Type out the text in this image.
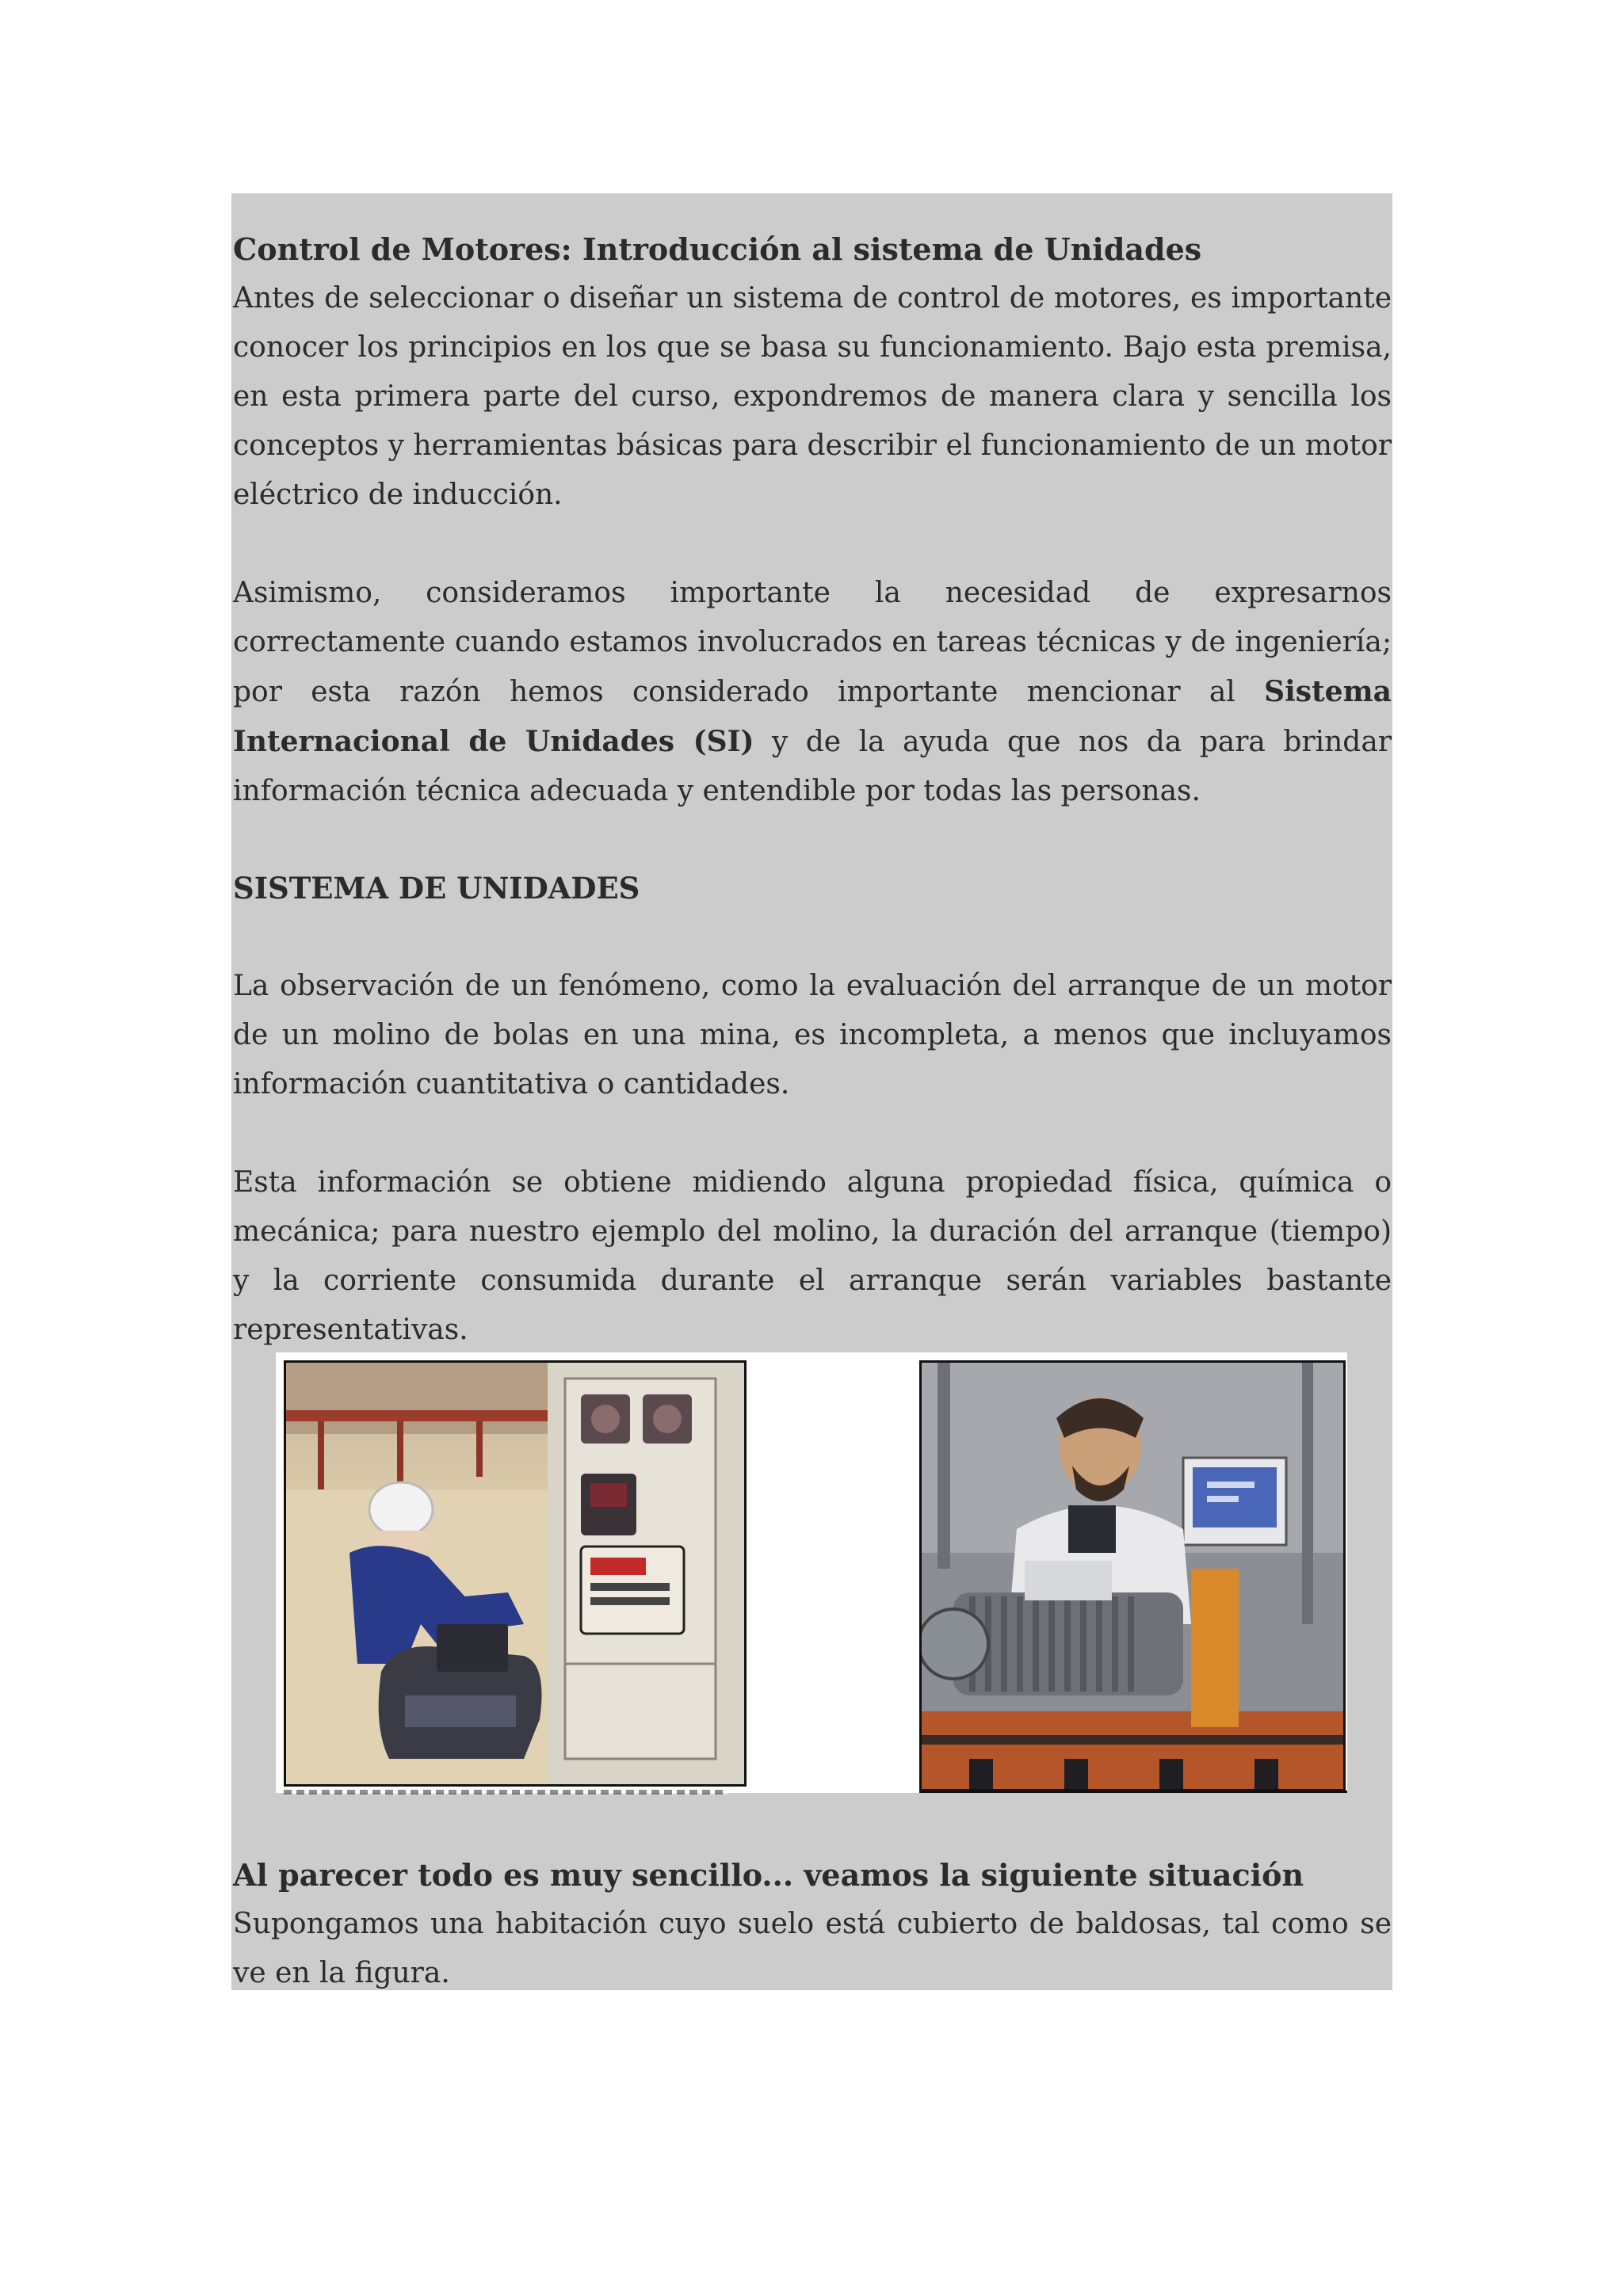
Control de Motores: Introducción al sistema de Unidades

Antes de seleccionar o diseñar un sistema de control de motores, es importante conocer los principios en los que se basa su funcionamiento. Bajo esta premisa, en esta primera parte del curso, expondremos de manera clara y sencilla los conceptos y herramientas básicas para describir el funcionamiento de un motor eléctrico de inducción.

Asimismo, consideramos importante la necesidad de expresarnos correctamente cuando estamos involucrados en tareas técnicas y de ingeniería; por esta razón hemos considerado importante mencionar al Sistema Internacional de Unidades (SI) y de la ayuda que nos da para brindar información técnica adecuada y entendible por todas las personas.

SISTEMA DE UNIDADES

La observación de un fenómeno, como la evaluación del arranque de un motor de un molino de bolas en una mina, es incompleta, a menos que incluyamos información cuantitativa o cantidades.

Esta información se obtiene midiendo alguna propiedad física, química o mecánica; para nuestro ejemplo del molino, la duración del arranque (tiempo) y la corriente consumida durante el arranque serán variables bastante representativas.

Al parecer todo es muy sencillo... veamos la siguiente situación

Supongamos una habitación cuyo suelo está cubierto de baldosas, tal como se ve en la figura.
